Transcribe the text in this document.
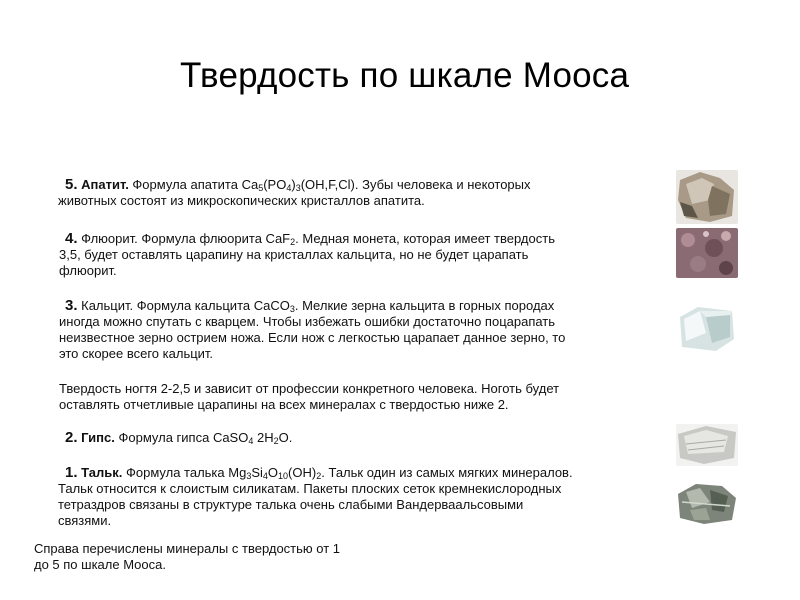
Твердость по шкале Мооса
5. Апатит. Формула апатита $Ca_5(PO_4)_3(OH,F,Cl)$. Зубы человека и некоторых
животных состоят из микроскопических кристаллов апатита.
4. Флюорит. Формула флюорита CaF$_2$. Медная монета, которая имеет твердость
3,5, будет оставлять царапину на кристаллах кальцита, но не будет царапать
флюорит.
3. Кальцит. Формула кальцита CaCO$_3$. Мелкие зерна кальцита в горных породах
иногда можно спутать с кварцем. Чтобы избежать ошибки достаточно поцарапать
неизвестное зерно острием ножа. Если нож с легкостью царапает данное зерно, то
это скорее всего кальцит.
Твердость ногтя 2-2,5 и зависит от профессии конкретного человека. Ноготь будет
оставлять отчетливые царапины на всех минералах с твердостью ниже 2.
2. Гипс. Формула гипса CaSO$_4$ $2H_2O$.
1. Тальк. Формула талька $Mg_3Si_4O_{10}(OH)_2$. Тальк один из самых мягких минералов.
Тальк относится к слоистым силикатам. Пакеты плоских сеток кремнекислородных
тетраздров связаны в структуре талька очень слабыми Вандерваальсовыми
связями.
Справа перечислены минералы с твердостью от 1
до 5 по шкале Мооса.
